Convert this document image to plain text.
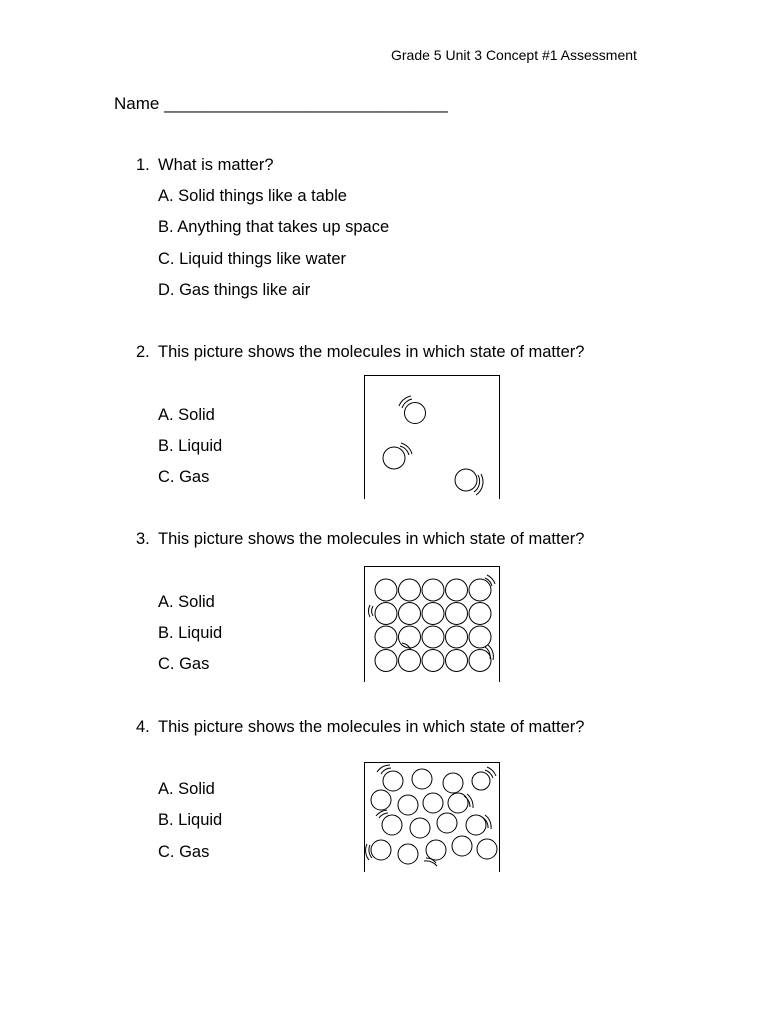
Grade 5 Unit 3 Concept #1 Assessment
Name ______________________________
1. What is matter?
A. Solid things like a table
B. Anything that takes up space
C. Liquid things like water
D. Gas things like air
2. This picture shows the molecules in which state of matter?
A. Solid
B. Liquid
C. Gas
3. This picture shows the molecules in which state of matter?
A. Solid
B. Liquid
C. Gas
4. This picture shows the molecules in which state of matter?
A. Solid
B. Liquid
C. Gas
